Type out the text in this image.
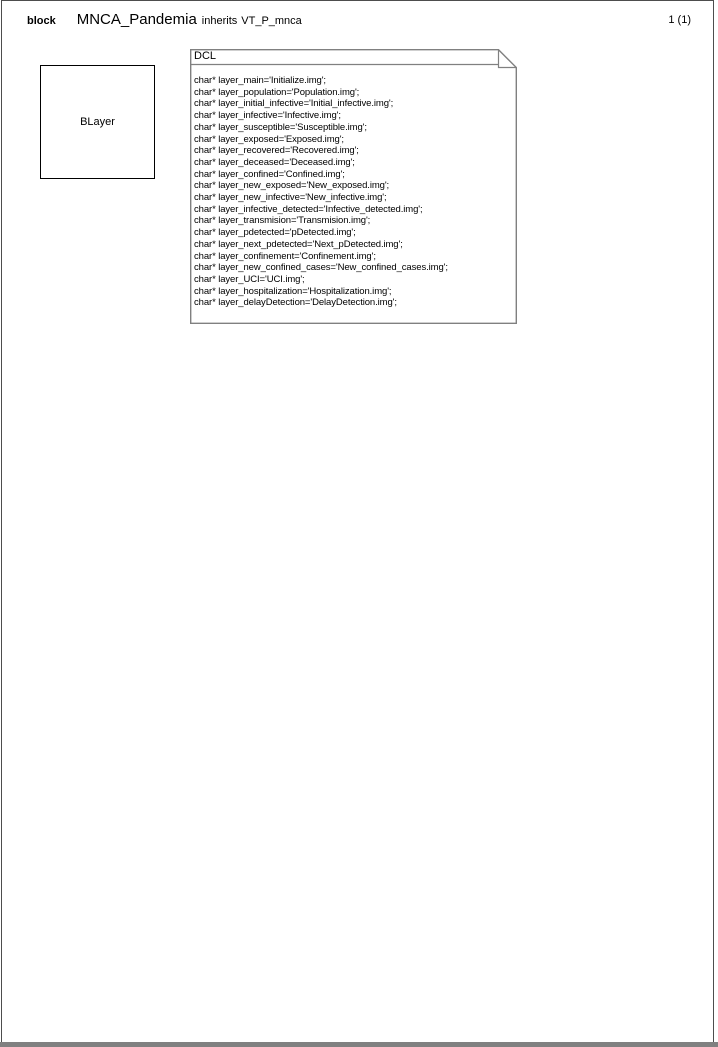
block MNCA_Pandemia inherits VT_P_mnca	1 (1)
BLayer
DCL
char* layer_main='Initialize.img';
char* layer_population='Population.img';
char* layer_initial_infective='Initial_infective.img';
char* layer_infective='Infective.img';
char* layer_susceptible='Susceptible.img';
char* layer_exposed='Exposed.img';
char* layer_recovered='Recovered.img';
char* layer_deceased='Deceased.img';
char* layer_confined='Confined.img';
char* layer_new_exposed='New_exposed.img';
char* layer_new_infective='New_infective.img';
char* layer_infective_detected='Infective_detected.img';
char* layer_transmision='Transmision.img';
char* layer_pdetected='pDetected.img';
char* layer_next_pdetected='Next_pDetected.img';
char* layer_confinement='Confinement.img';
char* layer_new_confined_cases='New_confined_cases.img';
char* layer_UCI='UCI.img';
char* layer_hospitalization='Hospitalization.img';
char* layer_delayDetection='DelayDetection.img';
